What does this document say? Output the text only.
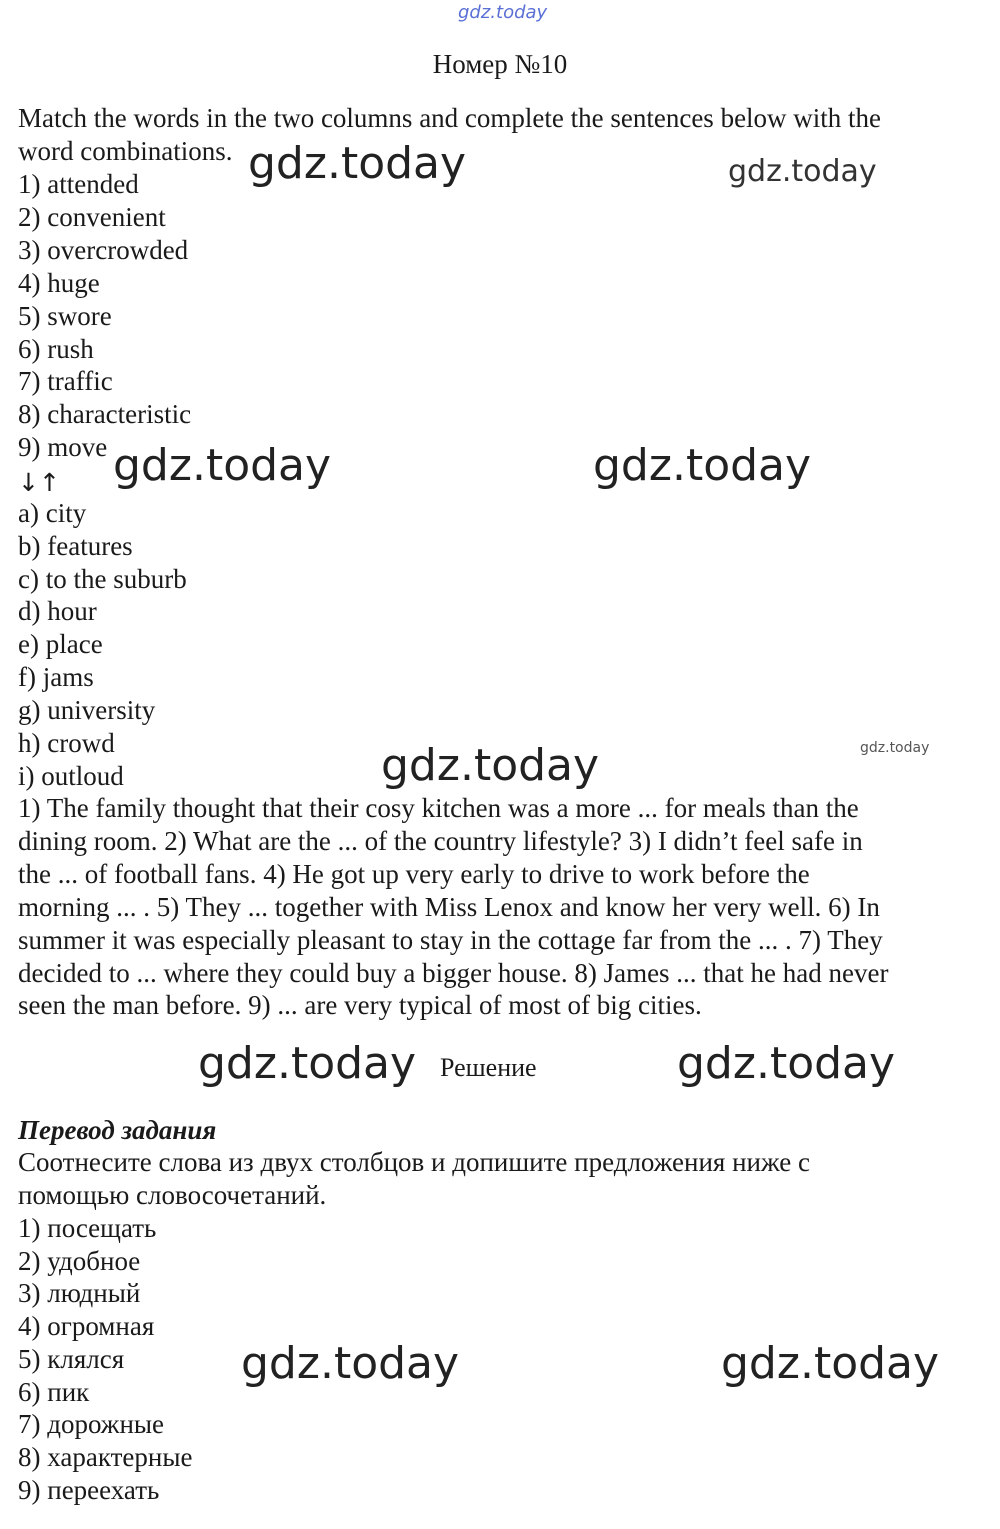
gdz.today
Номер №10
Match the words in the two columns and complete the sentences below with the
word combinations.
1) attended
2) convenient
3) overcrowded
4) huge
5) swore
6) rush
7) traffic
8) characteristic
9) move
↓↑
a) city
b) features
c) to the suburb
d) hour
e) place
f) jams
g) university
h) crowd
i) outloud
1) The family thought that their cosy kitchen was a more ... for meals than the
dining room. 2) What are the ... of the country lifestyle? 3) I didn’t feel safe in
the ... of football fans. 4) He got up very early to drive to work before the
morning ... . 5) They ... together with Miss Lenox and know her very well. 6) In
summer it was especially pleasant to stay in the cottage far from the ... . 7) They
decided to ... where they could buy a bigger house. 8) James ... that he had never
seen the man before. 9) ... are very typical of most of big cities.
Решение
Перевод задания
Соотнесите слова из двух столбцов и допишите предложения ниже с
помощью словосочетаний.
1) посещать
2) удобное
3) людный
4) огромная
5) клялся
6) пик
7) дорожные
8) характерные
9) переехать
gdz.today	gdz.today
gdz.today	gdz.today
gdz.today	gdz.today
gdz.today	gdz.today
gdz.today	gdz.today
